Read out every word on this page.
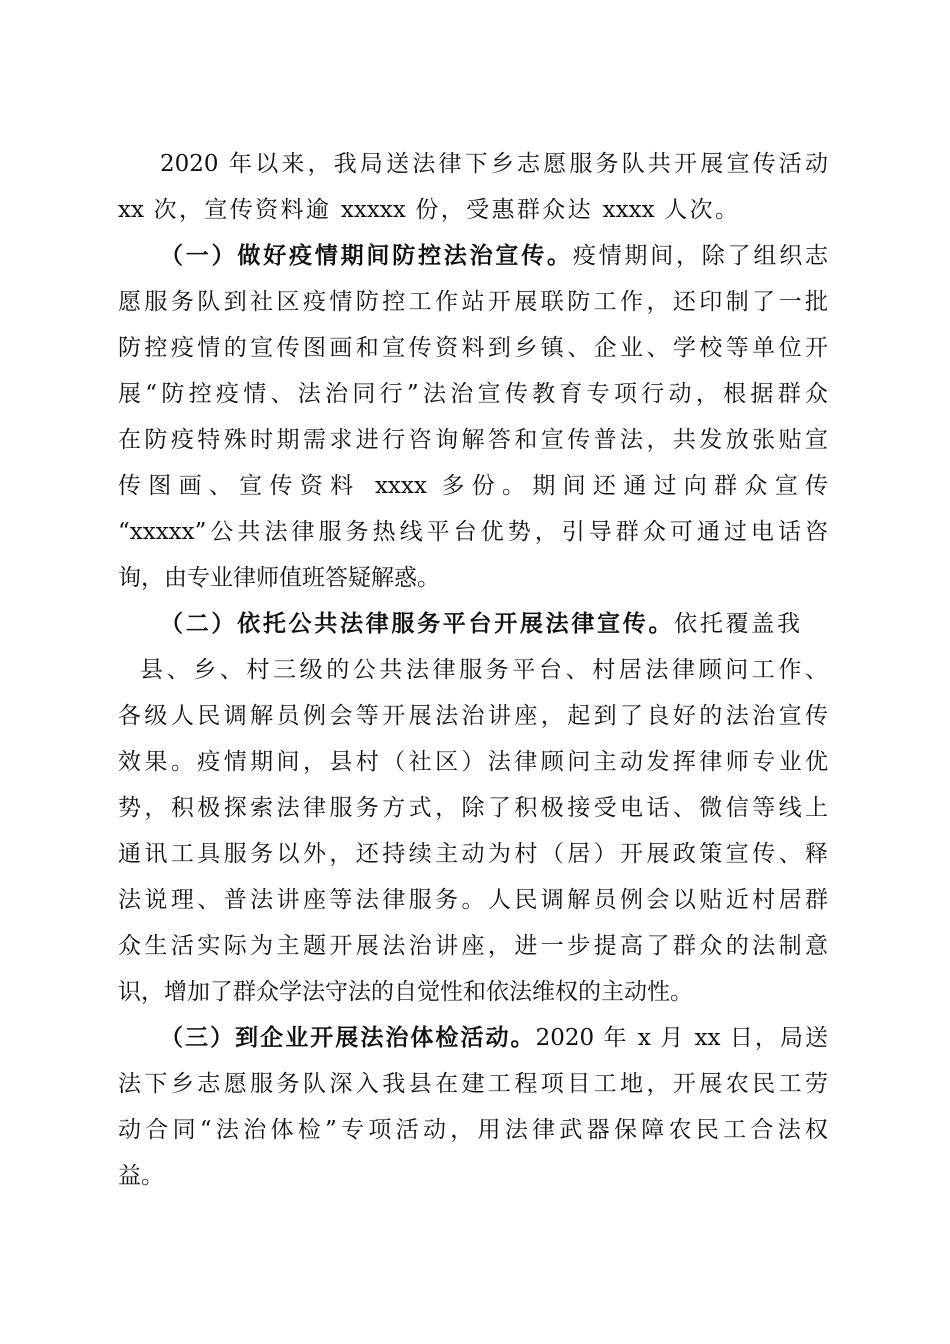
2020 年以来，我局送法律下乡志愿服务队共开展宣传活动
xx 次，宣传资料逾 xxxxx 份，受惠群众达 xxxx 人次。
（一）做好疫情期间防控法治宣传。疫情期间，除了组织志
愿服务队到社区疫情防控工作站开展联防工作，还印制了一批
防控疫情的宣传图画和宣传资料到乡镇、企业、学校等单位开
展“防控疫情、法治同行”法治宣传教育专项行动，根据群众
在防疫特殊时期需求进行咨询解答和宣传普法，共发放张贴宣
传图画、宣传资料 xxxx 多份。期间还通过向群众宣传
“xxxxx”公共法律服务热线平台优势，引导群众可通过电话咨
询，由专业律师值班答疑解惑。
（二）依托公共法律服务平台开展法律宣传。依托覆盖我
县、乡、村三级的公共法律服务平台、村居法律顾问工作、
各级人民调解员例会等开展法治讲座，起到了良好的法治宣传
效果。疫情期间，县村（社区）法律顾问主动发挥律师专业优
势，积极探索法律服务方式，除了积极接受电话、微信等线上
通讯工具服务以外，还持续主动为村（居）开展政策宣传、释
法说理、普法讲座等法律服务。人民调解员例会以贴近村居群
众生活实际为主题开展法治讲座，进一步提高了群众的法制意
识，增加了群众学法守法的自觉性和依法维权的主动性。
（三）到企业开展法治体检活动。2020 年 x 月 xx 日，局送
法下乡志愿服务队深入我县在建工程项目工地，开展农民工劳
动合同“法治体检”专项活动，用法律武器保障农民工合法权
益。
